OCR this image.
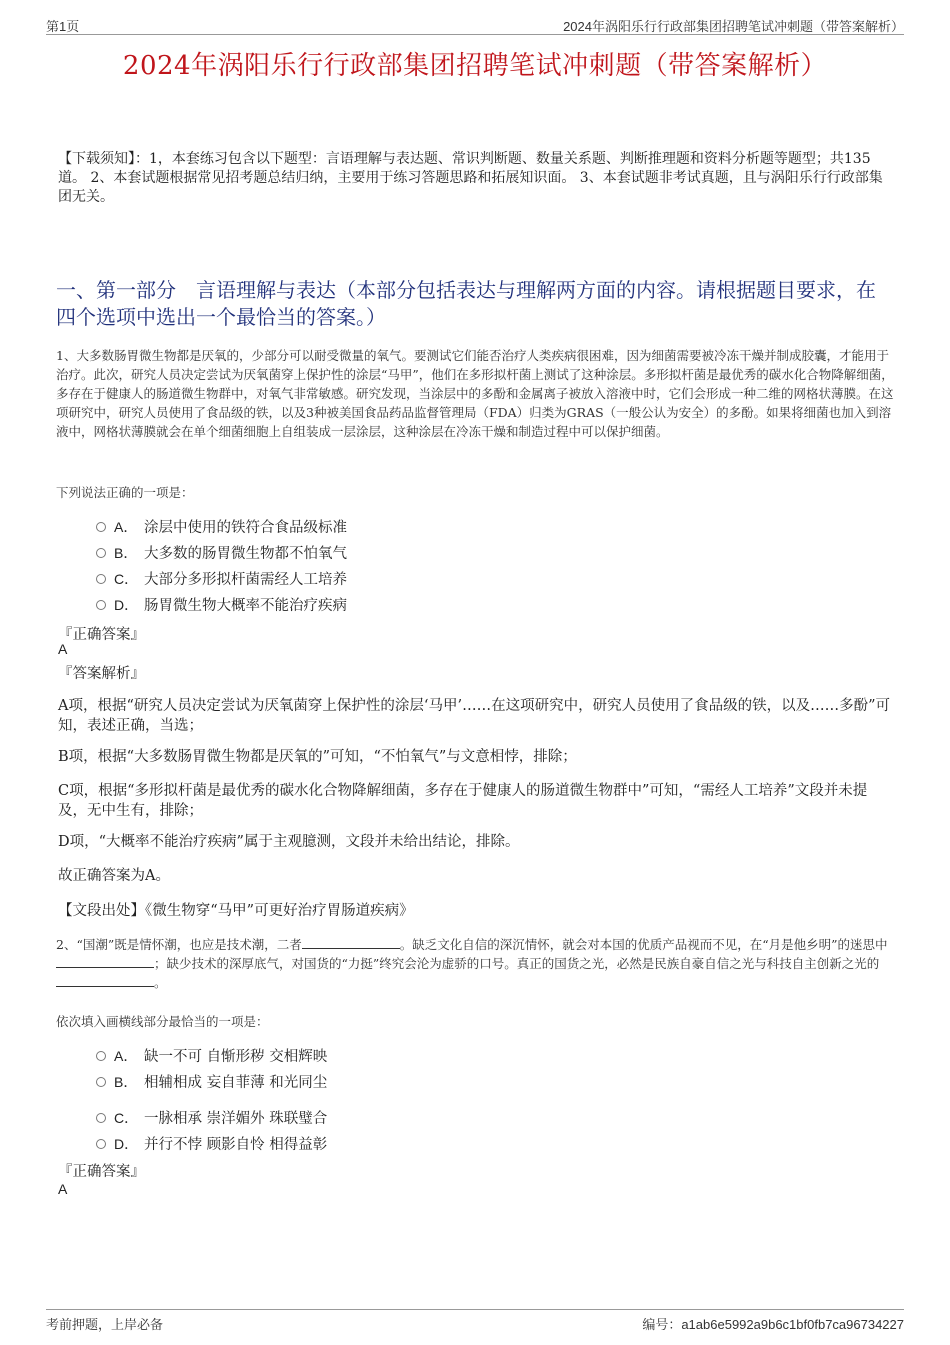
第1页	2024年涡阳乐行行政部集团招聘笔试冲刺题（带答案解析）
2024年涡阳乐行行政部集团招聘笔试冲刺题（带答案解析）
【下载须知】：1，本套练习包含以下题型：言语理解与表达题、常识判断题、数量关系题、判断推理题和资料分析题等题型；共135道。 2、本套试题根据常见招考题总结归纳，主要用于练习答题思路和拓展知识面。 3、本套试题非考试真题，且与涡阳乐行行政部集团无关。
一、第一部分　言语理解与表达（本部分包括表达与理解两方面的内容。请根据题目要求，在四个选项中选出一个最恰当的答案。）
1、大多数肠胃微生物都是厌氧的，少部分可以耐受微量的氧气。要测试它们能否治疗人类疾病很困难，因为细菌需要被冷冻干燥并制成胶囊，才能用于治疗。此次，研究人员决定尝试为厌氧菌穿上保护性的涂层“马甲”，他们在多形拟杆菌上测试了这种涂层。多形拟杆菌是最优秀的碳水化合物降解细菌，多存在于健康人的肠道微生物群中，对氧气非常敏感。研究发现，当涂层中的多酚和金属离子被放入溶液中时，它们会形成一种二维的网格状薄膜。在这项研究中，研究人员使用了食品级的铁，以及3种被美国食品药品监督管理局（FDA）归类为GRAS（一般公认为安全）的多酚。如果将细菌也加入到溶液中，网格状薄膜就会在单个细菌细胞上自组装成一层涂层，这种涂层在冷冻干燥和制造过程中可以保护细菌。
下列说法正确的一项是：
A． 涂层中使用的铁符合食品级标准
B． 大多数的肠胃微生物都不怕氧气
C． 大部分多形拟杆菌需经人工培养
D． 肠胃微生物大概率不能治疗疾病
『正确答案』
A
『答案解析』
A项，根据“研究人员决定尝试为厌氧菌穿上保护性的涂层‘马甲’……在这项研究中，研究人员使用了食品级的铁，以及……多酚”可知，表述正确，当选；
B项，根据“大多数肠胃微生物都是厌氧的”可知，“不怕氧气”与文意相悖，排除；
C项，根据“多形拟杆菌是最优秀的碳水化合物降解细菌，多存在于健康人的肠道微生物群中”可知，“需经人工培养”文段并未提及，无中生有，排除；
D项，“大概率不能治疗疾病”属于主观臆测，文段并未给出结论，排除。
故正确答案为A。
【文段出处】《微生物穿“马甲”可更好治疗胃肠道疾病》
2、“国潮”既是情怀潮，也应是技术潮，二者	。缺乏文化自信的深沉情怀，就会对本国的优质产品视而不见，在“月是他乡明”的迷思中；缺少技术的深厚底气，对国货的“力挺”终究会沦为虚骄的口号。真正的国货之光，必然是民族自豪自信之光与科技自主创新之光的。
依次填入画横线部分最恰当的一项是：
A． 缺一不可 自惭形秽 交相辉映
B． 相辅相成 妄自菲薄 和光同尘
C． 一脉相承 崇洋媚外 珠联璧合
D． 并行不悖 顾影自怜 相得益彰
『正确答案』
A
考前押题，上岸必备	编号：a1ab6e5992a9b6c1bf0fb7ca96734227
